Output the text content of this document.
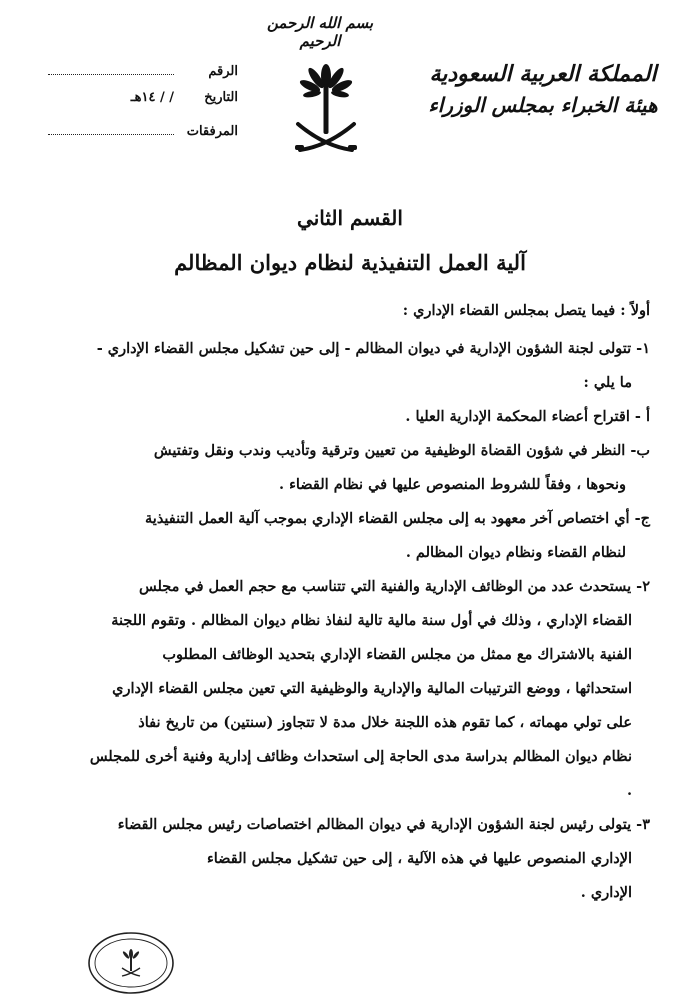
بسم الله الرحمن الرحيم
المملكة العربية السعودية
هيئة الخبراء بمجلس الوزراء
الرقم
التاريخ
/ / ١٤هـ
المرفقات
القسم الثاني
آلية العمل التنفيذية لنظام ديوان المظالم

أولاً : فيما يتصل بمجلس القضاء الإداري :

١- تتولى لجنة الشؤون الإدارية في ديوان المظالم - إلى حين تشكيل مجلس القضاء الإداري -

ما يلي :

أ - اقتراح أعضاء المحكمة الإدارية العليا .

ب- النظر في شؤون القضاة الوظيفية من تعيين وترقية وتأديب وندب ونقل وتفتيش

ونحوها ، وفقاً للشروط المنصوص عليها في نظام القضاء .

ج- أي اختصاص آخر معهود به إلى مجلس القضاء الإداري بموجب آلية العمل التنفيذية

لنظام القضاء ونظام ديوان المظالم .

٢- يستحدث عدد من الوظائف الإدارية والفنية التي تتناسب مع حجم العمل في مجلس

القضاء الإداري ، وذلك في أول سنة مالية تالية لنفاذ نظام ديوان المظالم . وتقوم اللجنة

الفنية بالاشتراك مع ممثل من مجلس القضاء الإداري بتحديد الوظائف المطلوب

استحداثها ، ووضع الترتيبات المالية والإدارية والوظيفية التي تعين مجلس القضاء الإداري

على تولي مهماته ، كما تقوم هذه اللجنة خلال مدة لا تتجاوز (سنتين) من تاريخ نفاذ

نظام ديوان المظالم بدراسة مدى الحاجة إلى استحداث وظائف إدارية وفنية أخرى للمجلس

.

٣- يتولى رئيس لجنة الشؤون الإدارية في ديوان المظالم اختصاصات رئيس مجلس القضاء

الإداري المنصوص عليها في هذه الآلية ، إلى حين تشكيل مجلس القضاء

الإداري .
